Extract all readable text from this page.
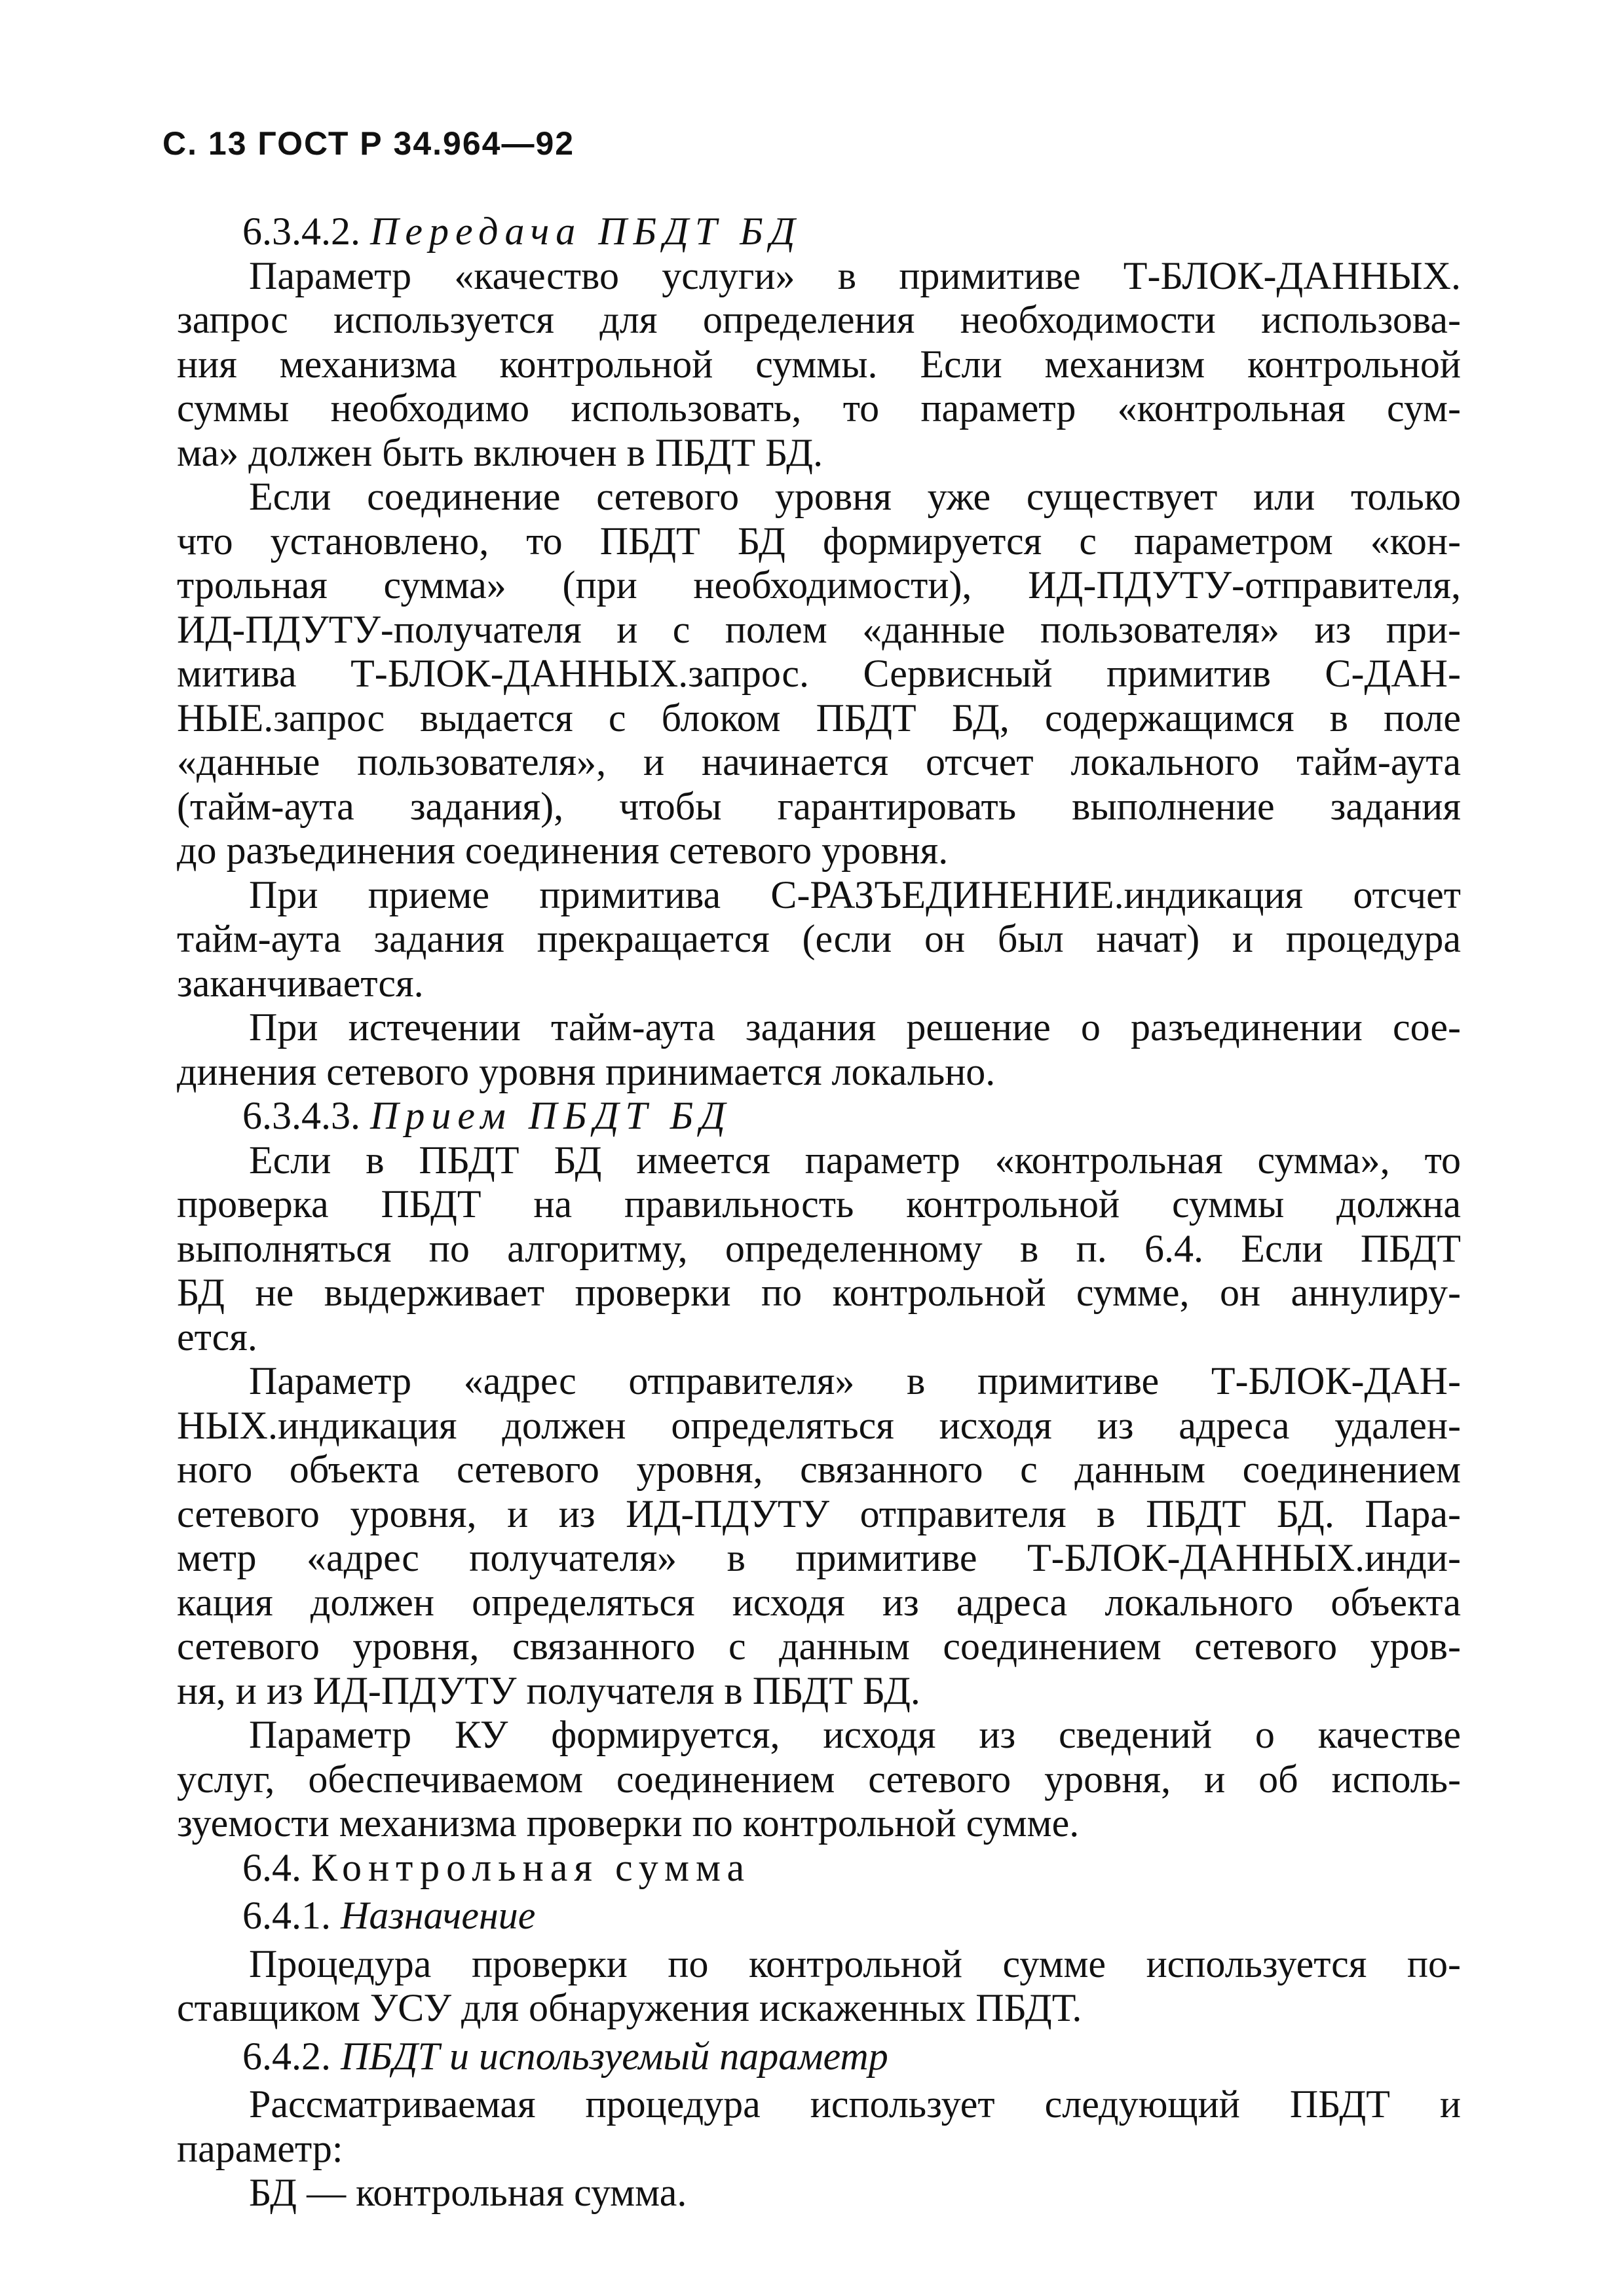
С. 13 ГОСТ Р 34.964—92
6.3.4.2. Передача ПБДТ БД
Параметр «качество услуги» в примитиве Т-БЛОК-ДАННЫХ.
запрос используется для определения необходимости использова-
ния механизма контрольной суммы. Если механизм контрольной
суммы необходимо использовать, то параметр «контрольная сум-
ма» должен быть включен в ПБДТ БД.
Если соединение сетевого уровня уже существует или только
что установлено, то ПБДТ БД формируется с параметром «кон-
трольная сумма» (при необходимости), ИД-ПДУТУ-отправителя,
ИД-ПДУТУ-получателя и с полем «данные пользователя» из при-
митива Т-БЛОК-ДАННЫХ.запрос. Сервисный примитив С-ДАН-
НЫЕ.запрос выдается с блоком ПБДТ БД, содержащимся в поле
«данные пользователя», и начинается отсчет локального тайм-аута
(тайм-аута задания), чтобы гарантировать выполнение задания
до разъединения соединения сетевого уровня.
При приеме примитива С-РАЗЪЕДИНЕНИЕ.индикация отсчет
тайм-аута задания прекращается (если он был начат) и процедура
заканчивается.
При истечении тайм-аута задания решение о разъединении сое-
динения сетевого уровня принимается локально.
6.3.4.3. Прием ПБДТ БД
Если в ПБДТ БД имеется параметр «контрольная сумма», то
проверка ПБДТ на правильность контрольной суммы должна
выполняться по алгоритму, определенному в п. 6.4. Если ПБДТ
БД не выдерживает проверки по контрольной сумме, он аннулиру-
ется.
Параметр «адрес отправителя» в примитиве Т-БЛОК-ДАН-
НЫХ.индикация должен определяться исходя из адреса удален-
ного объекта сетевого уровня, связанного с данным соединением
сетевого уровня, и из ИД-ПДУТУ отправителя в ПБДТ БД. Пара-
метр «адрес получателя» в примитиве Т-БЛОК-ДАННЫХ.инди-
кация должен определяться исходя из адреса локального объекта
сетевого уровня, связанного с данным соединением сетевого уров-
ня, и из ИД-ПДУТУ получателя в ПБДТ БД.
Параметр КУ формируется, исходя из сведений о качестве
услуг, обеспечиваемом соединением сетевого уровня, и об исполь-
зуемости механизма проверки по контрольной сумме.
6.4. Контрольная сумма
6.4.1. Назначение
Процедура проверки по контрольной сумме используется по-
ставщиком УСУ для обнаружения искаженных ПБДТ.
6.4.2. ПБДТ и используемый параметр
Рассматриваемая процедура использует следующий ПБДТ и
параметр:
БД — контрольная сумма.
